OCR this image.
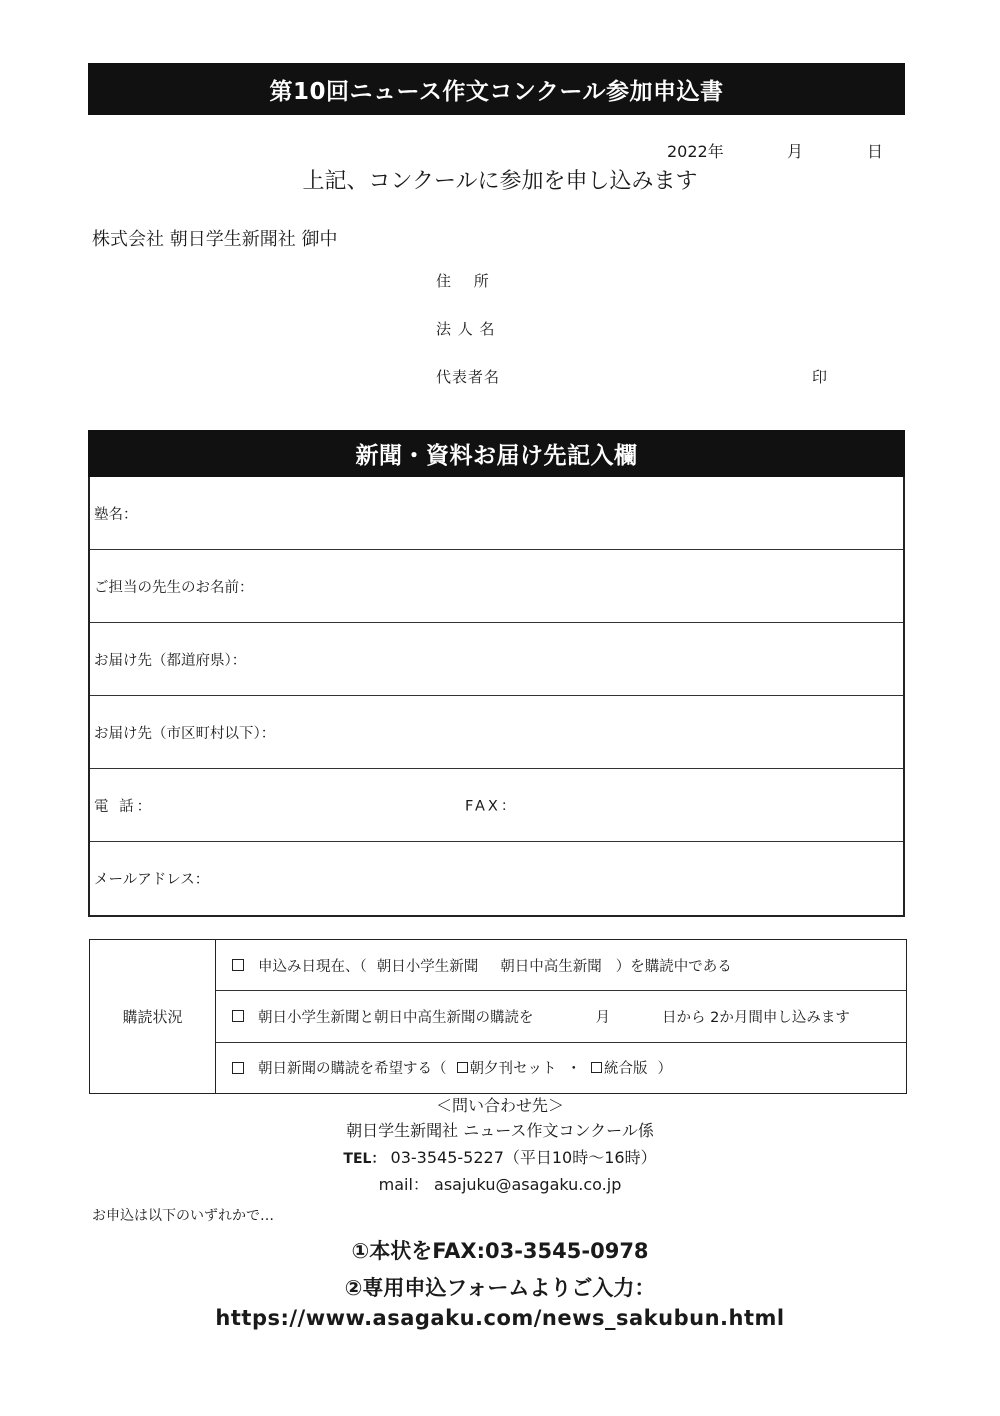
第10回ニュース作文コンクール参加申込書
2022年	月	日
上記、コンクールに参加を申し込みます
株式会社 朝日学生新聞社 御中
住　 所
法 人 名
代表者名	印
新聞・資料お届け先記入欄
塾名：
ご担当の先生のお名前：
お届け先（都道府県）：
お届け先（市区町村以下）：
電 話：	FAX：
メールアドレス：
購読状況
申込み日現在、（ 朝日小学生新聞 朝日中高生新聞 ）を購読中である
朝日小学生新聞と朝日中高生新聞の購読を	月	日から 2か月間申し込みます
朝日新聞の購読を希望する（ 朝夕刊セット ・ 統合版 ）
＜問い合わせ先＞
朝日学生新聞社 ニュース作文コンクール係
TEL： 03-3545-5227（平日10時～16時）
mail： asajuku@asagaku.co.jp
お申込は以下のいずれかで…
①本状をFAX:03-3545-0978
②専用申込フォームよりご入力：
https://www.asagaku.com/news_sakubun.html
